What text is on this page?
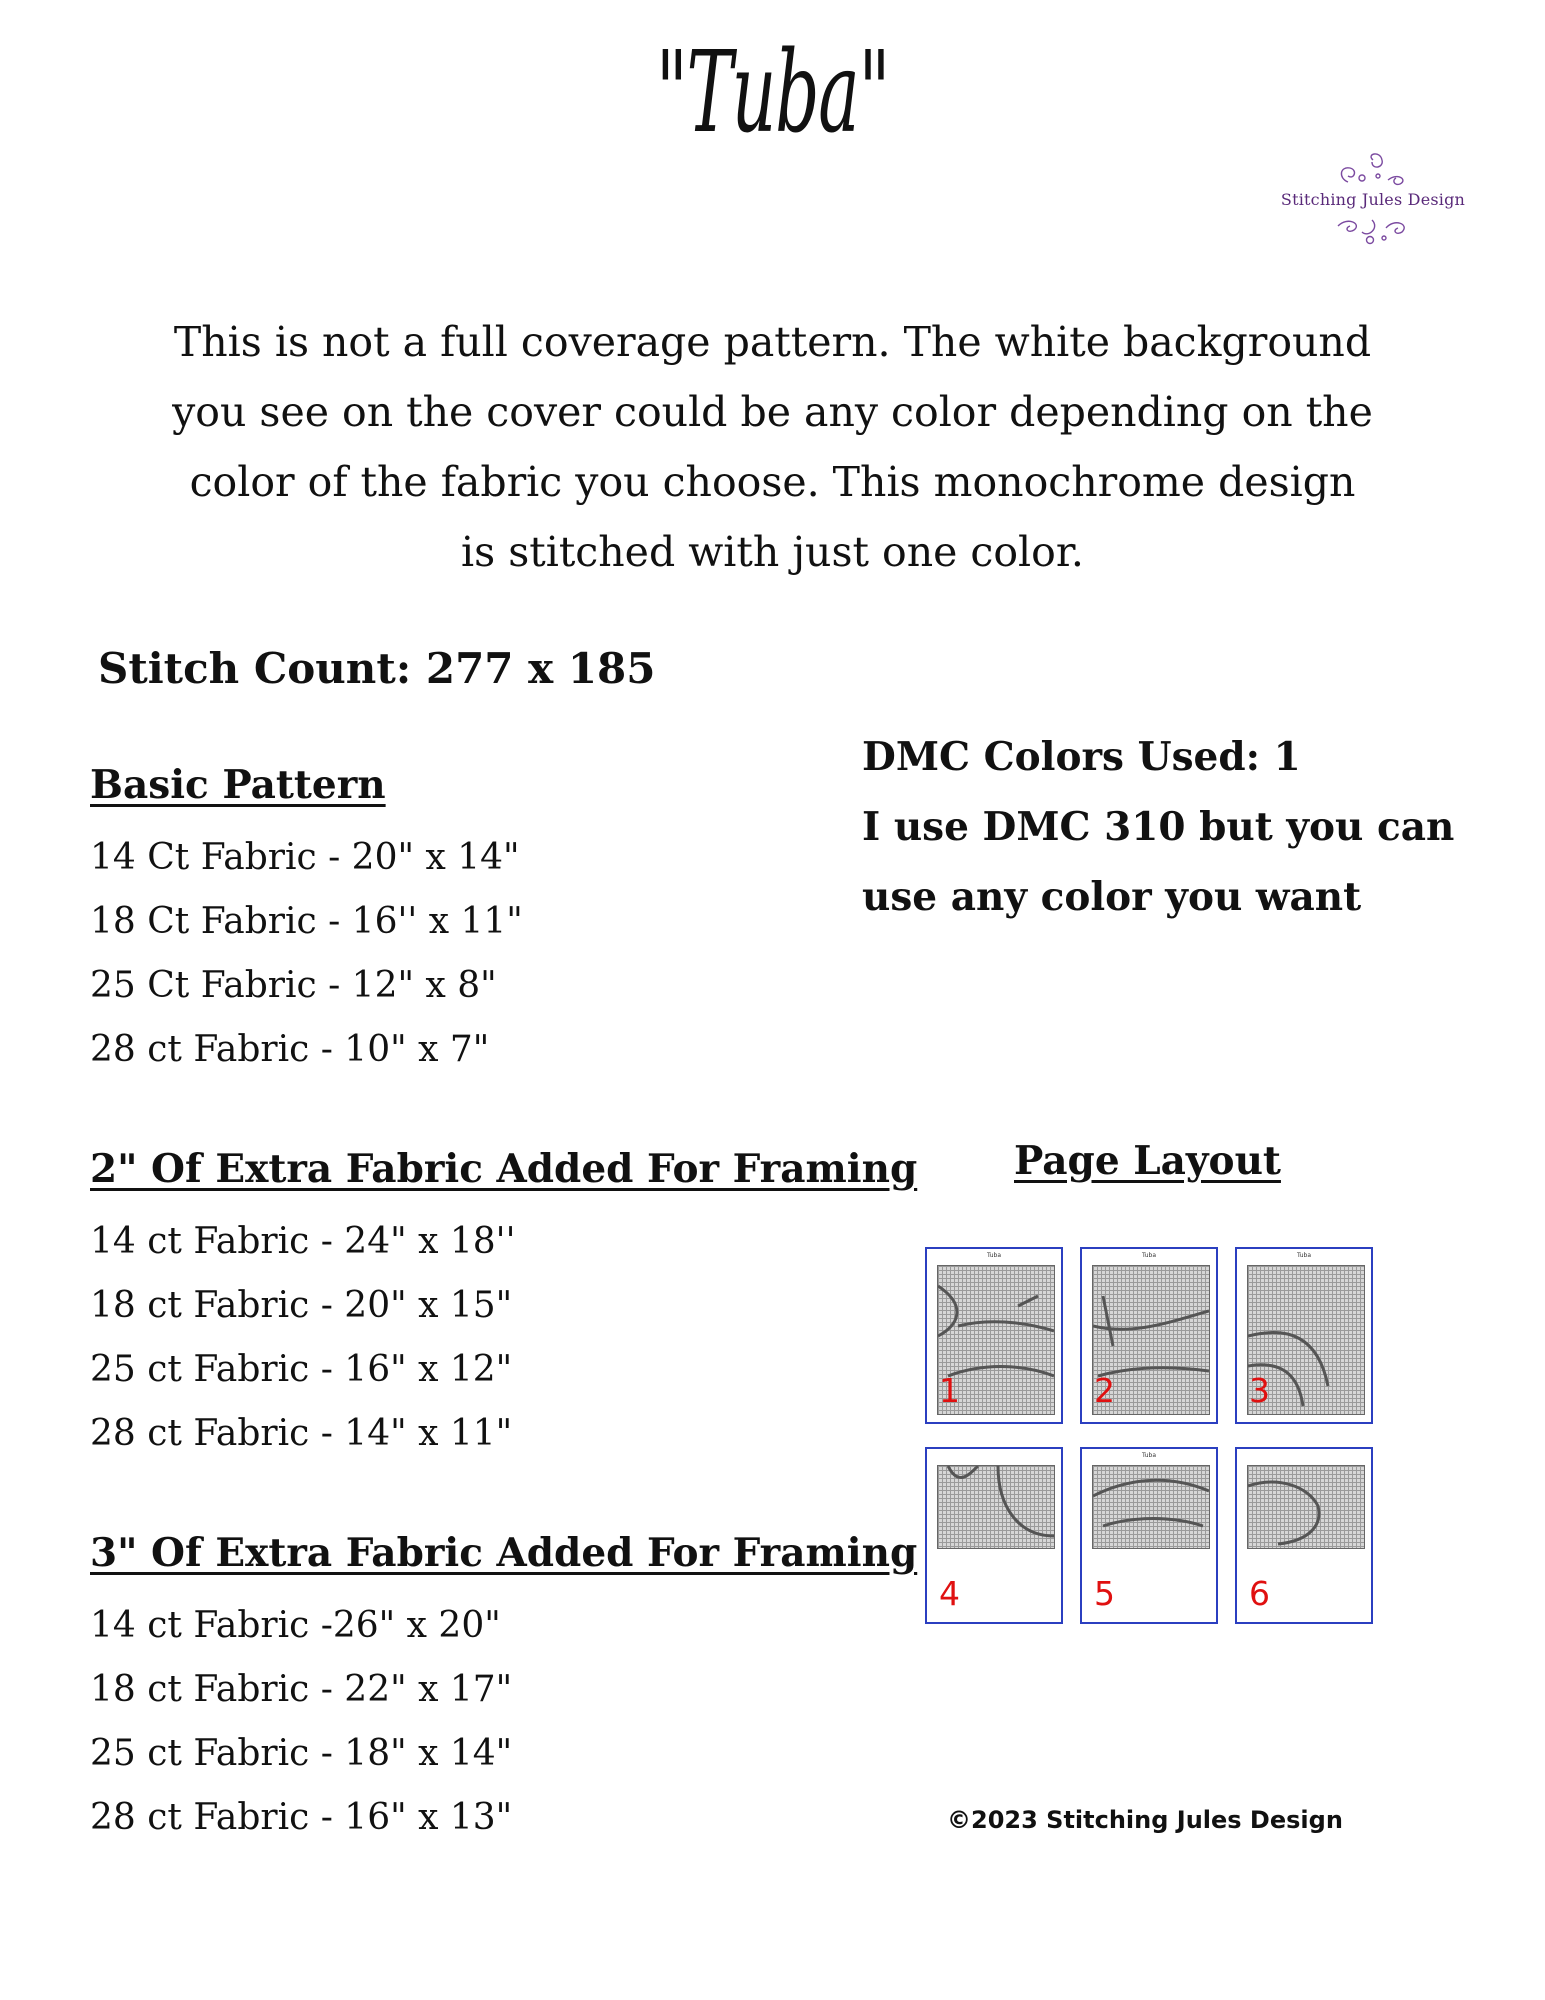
"Tuba"
Stitching Jules Design
This is not a full coverage pattern. The white background
you see on the cover could be any color depending on the
color of the fabric you choose. This monochrome design
is stitched with just one color.
Stitch Count: 277 x 185
Basic Pattern
14 Ct Fabric - 20" x 14"
18 Ct Fabric - 16'' x 11"
25 Ct Fabric - 12" x 8"
28 ct Fabric - 10" x 7"
2" Of Extra Fabric Added For Framing
14 ct Fabric - 24" x 18''
18 ct Fabric - 20" x 15"
25 ct Fabric - 16" x 12"
28 ct Fabric - 14" x 11"
3" Of Extra Fabric Added For Framing
14 ct Fabric -26" x 20"
18 ct Fabric - 22" x 17"
25 ct Fabric - 18" x 14"
28 ct Fabric - 16" x 13"
DMC Colors Used: 1
I use DMC 310 but you can
use any color you want
Page Layout
Tuba
1
Tuba
2
Tuba
3
4
Tuba
5	6
©2023 Stitching Jules Design
